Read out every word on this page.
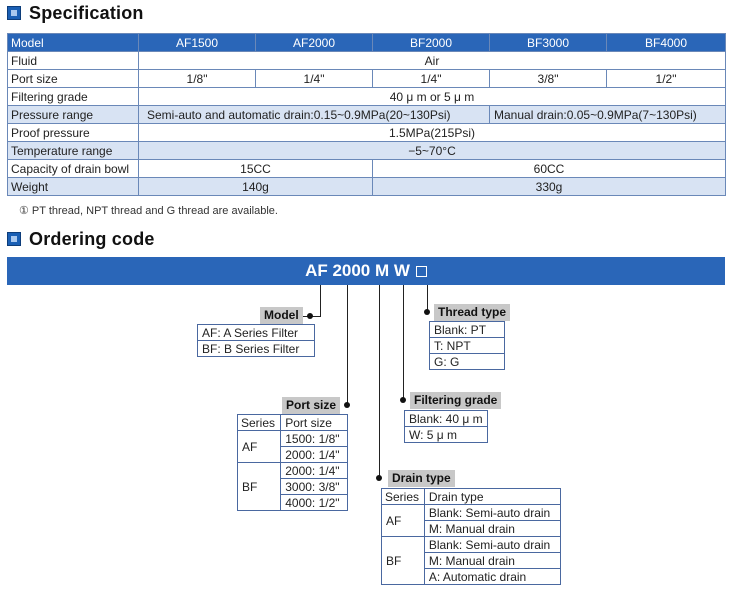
Specification
Model	AF1500	AF2000	BF2000	BF3000	BF4000
Fluid	Air				
Port size	1/8"	1/4"	1/4"	3/8"	1/2"
Filtering grade	40 μ m or 5 μ m				
Pressure range	Semi-auto and automatic drain:0.15~0.9MPa(20~130Psi)			Manual drain:0.05~0.9MPa(7~130Psi)	
Proof pressure	1.5MPa(215Psi)				
Temperature range	−5~70°C				
Capacity of drain bowl	15CC		60CC		
Weight	140g		330g		
① PT thread, NPT thread and G thread are available.
Ordering code
AF 2000 M W
Model
AF: A Series Filter
BF: B Series Filter
Thread type
Blank: PT
T: NPT
G: G
Filtering grade
Blank: 40 μ m
W: 5 μ m
Port size
Series	Port size
AF	1500: 1/8"
	2000: 1/4"
BF	2000: 1/4"
	3000: 3/8"
	4000: 1/2"
Drain type
Series	Drain type
AF	Blank: Semi-auto drain
	M: Manual drain
BF	Blank: Semi-auto drain
	M: Manual drain
	A: Automatic drain
